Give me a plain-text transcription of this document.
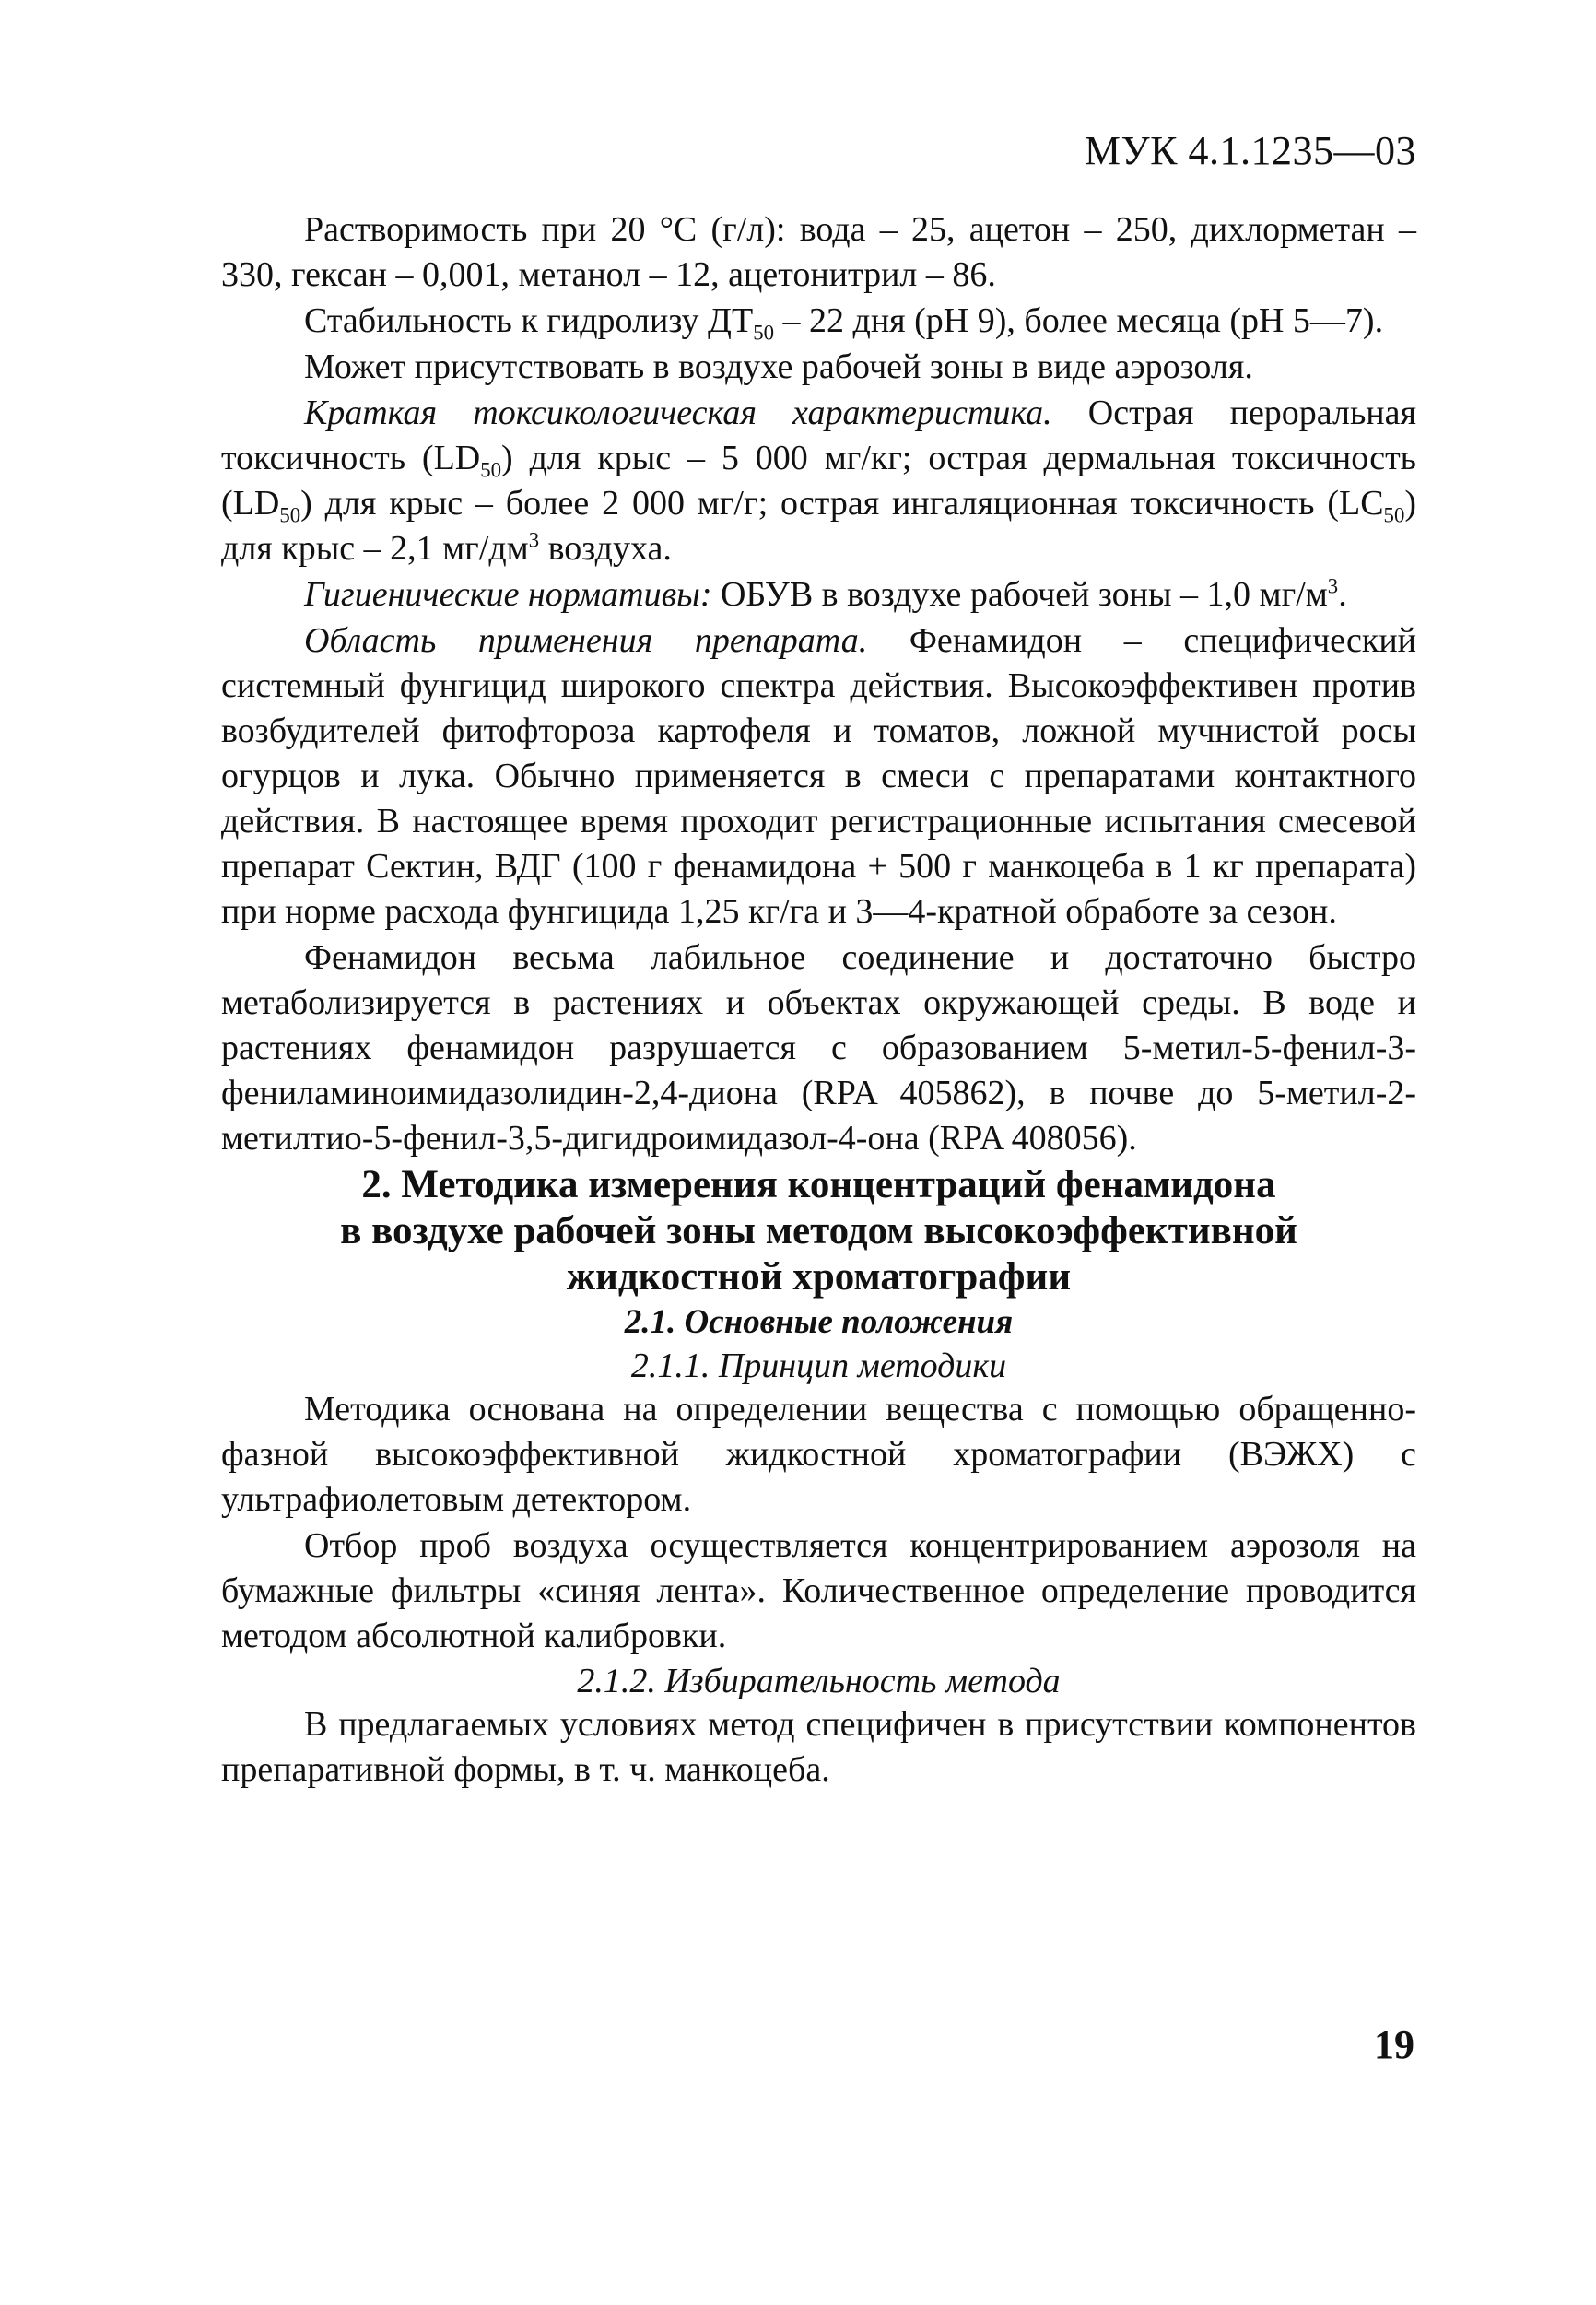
МУК 4.1.1235—03

Растворимость при 20 °С (г/л): вода – 25, ацетон – 250, дихлорметан – 330, гексан – 0,001, метанол – 12, ацетонитрил – 86.

Стабильность к гидролизу $ДТ_{50} - 22$ дня (рН 9), более месяца (рН 5—7).

Может присутствовать в воздухе рабочей зоны в виде аэрозоля.

Краткая токсикологическая характеристика. Острая пероральная токсичность $(LD_{50})$ для крыс – 5 000 мг/кг; острая дермальная токсичность $(LD_{50})$ для крыс – более 2 000 мг/г; острая ингаляционная токсичность $(LC_{50})$ для крыс – 2,1 $мг/дм^3$ воздуха.

Гигиенические нормативы: ОБУВ в воздухе рабочей зоны – 1,0 $мг/м^3$.

Область применения препарата. Фенамидон – специфический системный фунгицид широкого спектра действия. Высокоэффективен против возбудителей фитофтороза картофеля и томатов, ложной мучнистой росы огурцов и лука. Обычно применяется в смеси с препаратами контактного действия. В настоящее время проходит регистрационные испытания смесевой препарат Сектин, ВДГ (100 г фенамидона + 500 г манкоцеба в 1 кг препарата) при норме расхода фунгицида 1,25 кг/га и 3—4-кратной обработе за сезон.

Фенамидон весьма лабильное соединение и достаточно быстро метаболизируется в растениях и объектах окружающей среды. В воде и растениях фенамидон разрушается с образованием 5-метил-5-фенил-3-фениламиноимидазолидин-2,4-диона (RPA 405862), в почве до 5-метил-2-метилтио-5-фенил-3,5-дигидроимидазол-4-она (RPA 408056).

2. Методика измерения концентраций фенамидона
в воздухе рабочей зоны методом высокоэффективной
жидкостной хроматографии

2.1. Основные положения

2.1.1. Принцип методики

Методика основана на определении вещества с помощью обращенно-фазной высокоэффективной жидкостной хроматографии (ВЭЖХ) с ультрафиолетовым детектором.

Отбор проб воздуха осуществляется концентрированием аэрозоля на бумажные фильтры «синяя лента». Количественное определение проводится методом абсолютной калибровки.

2.1.2. Избирательность метода

В предлагаемых условиях метод специфичен в присутствии компонентов препаративной формы, в т. ч. манкоцеба.

19
